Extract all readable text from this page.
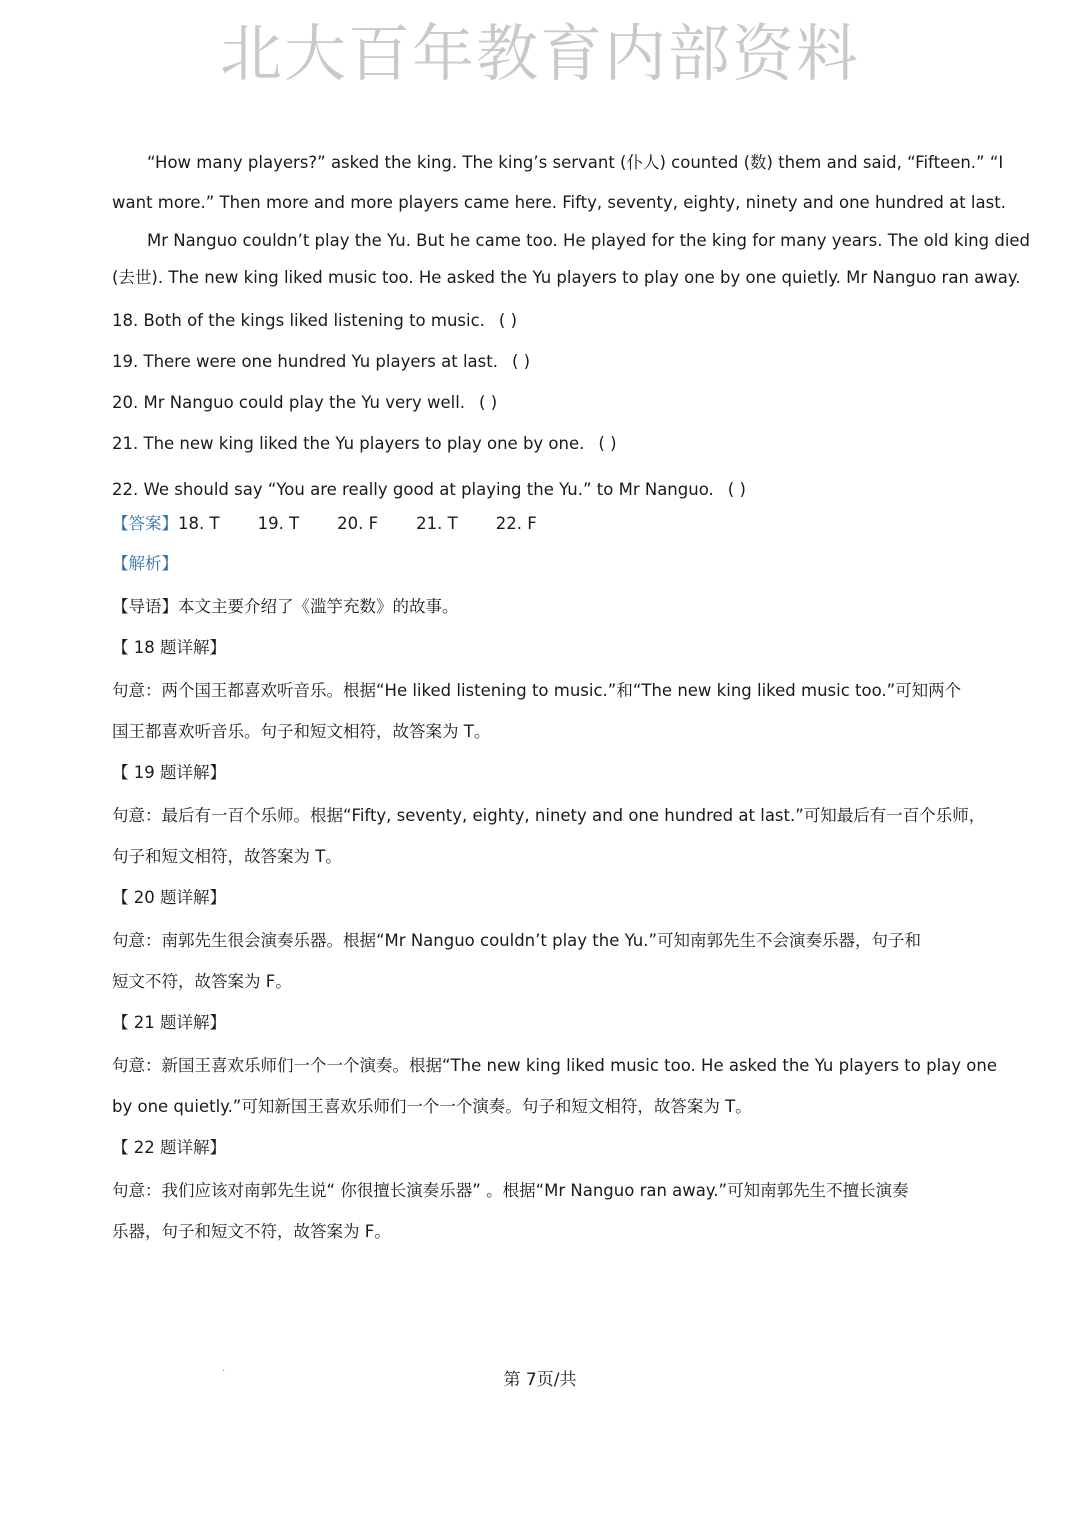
北大百年教育内部资料

“How many players?” asked the king. The king’s servant (仆人) counted (数) them and said, “Fifteen.” “I

want more.” Then more and more players came here. Fifty, seventy, eighty, ninety and one hundred at last.

Mr Nanguo couldn’t play the Yu. But he came too. He played for the king for many years. The old king died

(去世). The new king liked music too. He asked the Yu players to play one by one quietly. Mr Nanguo ran away.

18. Both of the kings liked listening to music. ( )

19. There were one hundred Yu players at last. ( )

20. Mr Nanguo could play the Yu very well. ( )

21. The new king liked the Yu players to play one by one. ( )

22. We should say “You are really good at playing the Yu.” to Mr Nanguo. ( )

【答案】18. T 19. T 20. F 21. T 22. F
【解析】

【导语】本文主要介绍了《滥竽充数》的故事。

【 18 题详解】

句意：两个国王都喜欢听音乐。根据“He liked listening to music.”和“The new king liked music too.”可知两个

国王都喜欢听音乐。句子和短文相符，故答案为 T。

【 19 题详解】

句意：最后有一百个乐师。根据“Fifty, seventy, eighty, ninety and one hundred at last.”可知最后有一百个乐师，

句子和短文相符，故答案为 T。

【 20 题详解】

句意：南郭先生很会演奏乐器。根据“Mr Nanguo couldn’t play the Yu.”可知南郭先生不会演奏乐器，句子和

短文不符，故答案为 F。

【 21 题详解】

句意：新国王喜欢乐师们一个一个演奏。根据“The new king liked music too. He asked the Yu players to play one

by one quietly.”可知新国王喜欢乐师们一个一个演奏。句子和短文相符，故答案为 T。

【 22 题详解】

句意：我们应该对南郭先生说“ 你很擅长演奏乐器” 。根据“Mr Nanguo ran away.”可知南郭先生不擅长演奏

乐器，句子和短文不符，故答案为 F。

·	第 7页/共
